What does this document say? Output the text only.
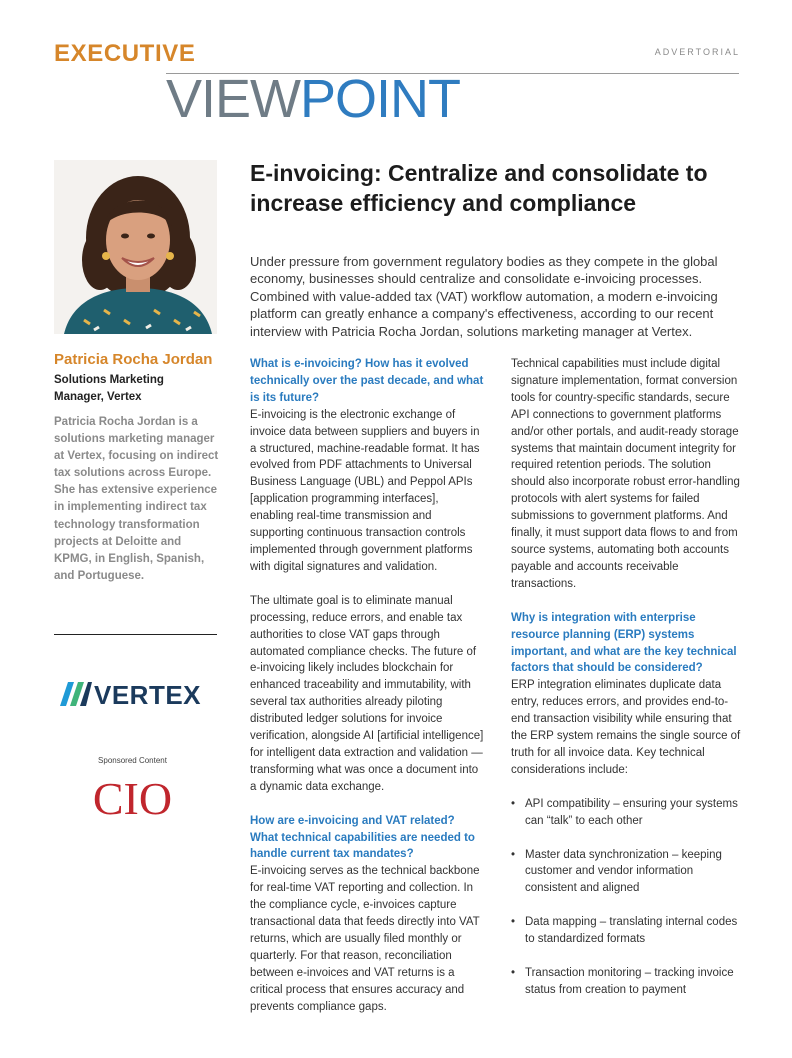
EXECUTIVE	ADVERTORIAL
VIEWPOINT
Patricia Rocha Jordan
Solutions Marketing
Manager, Vertex
Patricia Rocha Jordan is a solutions marketing manager at Vertex, focusing on indirect tax solutions across Europe. She has extensive experience in implementing indirect tax technology transformation projects at Deloitte and KPMG, in English, Spanish, and Portuguese.
VERTEX
Sponsored Content
CIO
E-invoicing: Centralize and consolidate to increase efficiency and compliance
Under pressure from government regulatory bodies as they compete in the global economy, businesses should centralize and consolidate e-invoicing processes. Combined with value-added tax (VAT) workflow automation, a modern e-invoicing platform can greatly enhance a company's effectiveness, according to our recent interview with Patricia Rocha Jordan, solutions marketing manager at Vertex.

What is e-invoicing? How has it evolved technically over the past decade, and what is its future?

E-invoicing is the electronic exchange of invoice data between suppliers and buyers in a structured, machine-readable format. It has evolved from PDF attachments to Universal Business Language (UBL) and Peppol APIs [application programming interfaces], enabling real-time transmission and supporting continuous transaction controls implemented through government platforms with digital signatures and validation.

The ultimate goal is to eliminate manual processing, reduce errors, and enable tax authorities to close VAT gaps through automated compliance checks. The future of e-invoicing likely includes blockchain for enhanced traceability and immutability, with several tax authorities already piloting distributed ledger solutions for invoice verification, alongside AI [artificial intelligence] for intelligent data extraction and validation — transforming what was once a document into a dynamic data exchange.

How are e-invoicing and VAT related? What technical capabilities are needed to handle current tax mandates?

E-invoicing serves as the technical backbone for real-time VAT reporting and collection. In the compliance cycle, e-invoices capture transactional data that feeds directly into VAT returns, which are usually filed monthly or quarterly. For that reason, reconciliation between e-invoices and VAT returns is a critical process that ensures accuracy and prevents compliance gaps.

Technical capabilities must include digital signature implementation, format conversion tools for country-specific standards, secure API connections to government platforms and/or other portals, and audit-ready storage systems that maintain document integrity for required retention periods. The solution should also incorporate robust error-handling protocols with alert systems for failed submissions to government platforms. And finally, it must support data flows to and from source systems, automating both accounts payable and accounts receivable transactions.

Why is integration with enterprise resource planning (ERP) systems important, and what are the key technical factors that should be considered?

ERP integration eliminates duplicate data entry, reduces errors, and provides end-to-end transaction visibility while ensuring that the ERP system remains the single source of truth for all invoice data. Key technical considerations include:

• API compatibility – ensuring your systems can “talk” to each other
• Master data synchronization – keeping customer and vendor information consistent and aligned
• Data mapping – translating internal codes to standardized formats
• Transaction monitoring – tracking invoice status from creation to payment
